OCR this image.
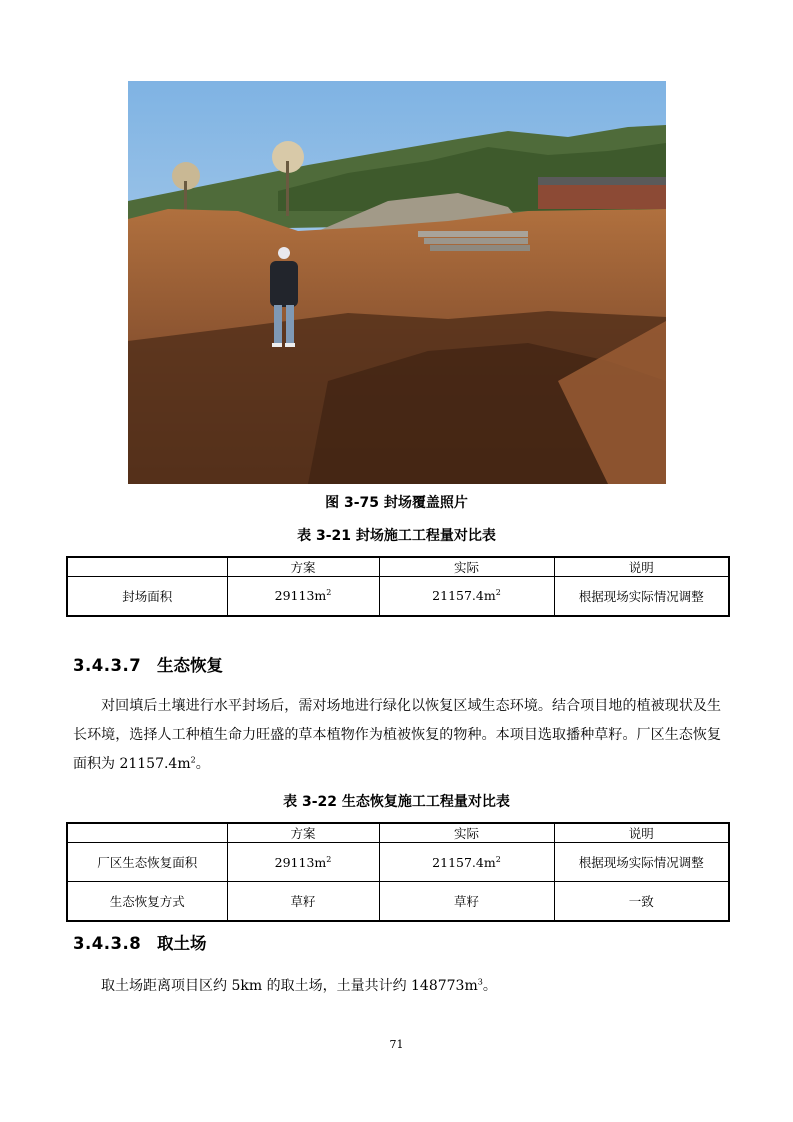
图 3-75 封场覆盖照片
表 3-21 封场施工工程量对比表
	方案	实际	说明
封场面积	$29113m^2$	$21157.4m^2$	根据现场实际情况调整
3.4.3.7 生态恢复
对回填后土壤进行水平封场后，需对场地进行绿化以恢复区域生态环境。结合项目地的植被现状及生长环境，选择人工种植生命力旺盛的草本植物作为植被恢复的物种。本项目选取播种草籽。厂区生态恢复面积为 $21157.4m^2$。
表 3-22 生态恢复施工工程量对比表
	方案	实际	说明
厂区生态恢复面积	$29113m^2$	$21157.4m^2$	根据现场实际情况调整
生态恢复方式	草籽	草籽	一致
3.4.3.8 取土场
取土场距离项目区约 5km 的取土场，土量共计约 $148773m^3$。
71
